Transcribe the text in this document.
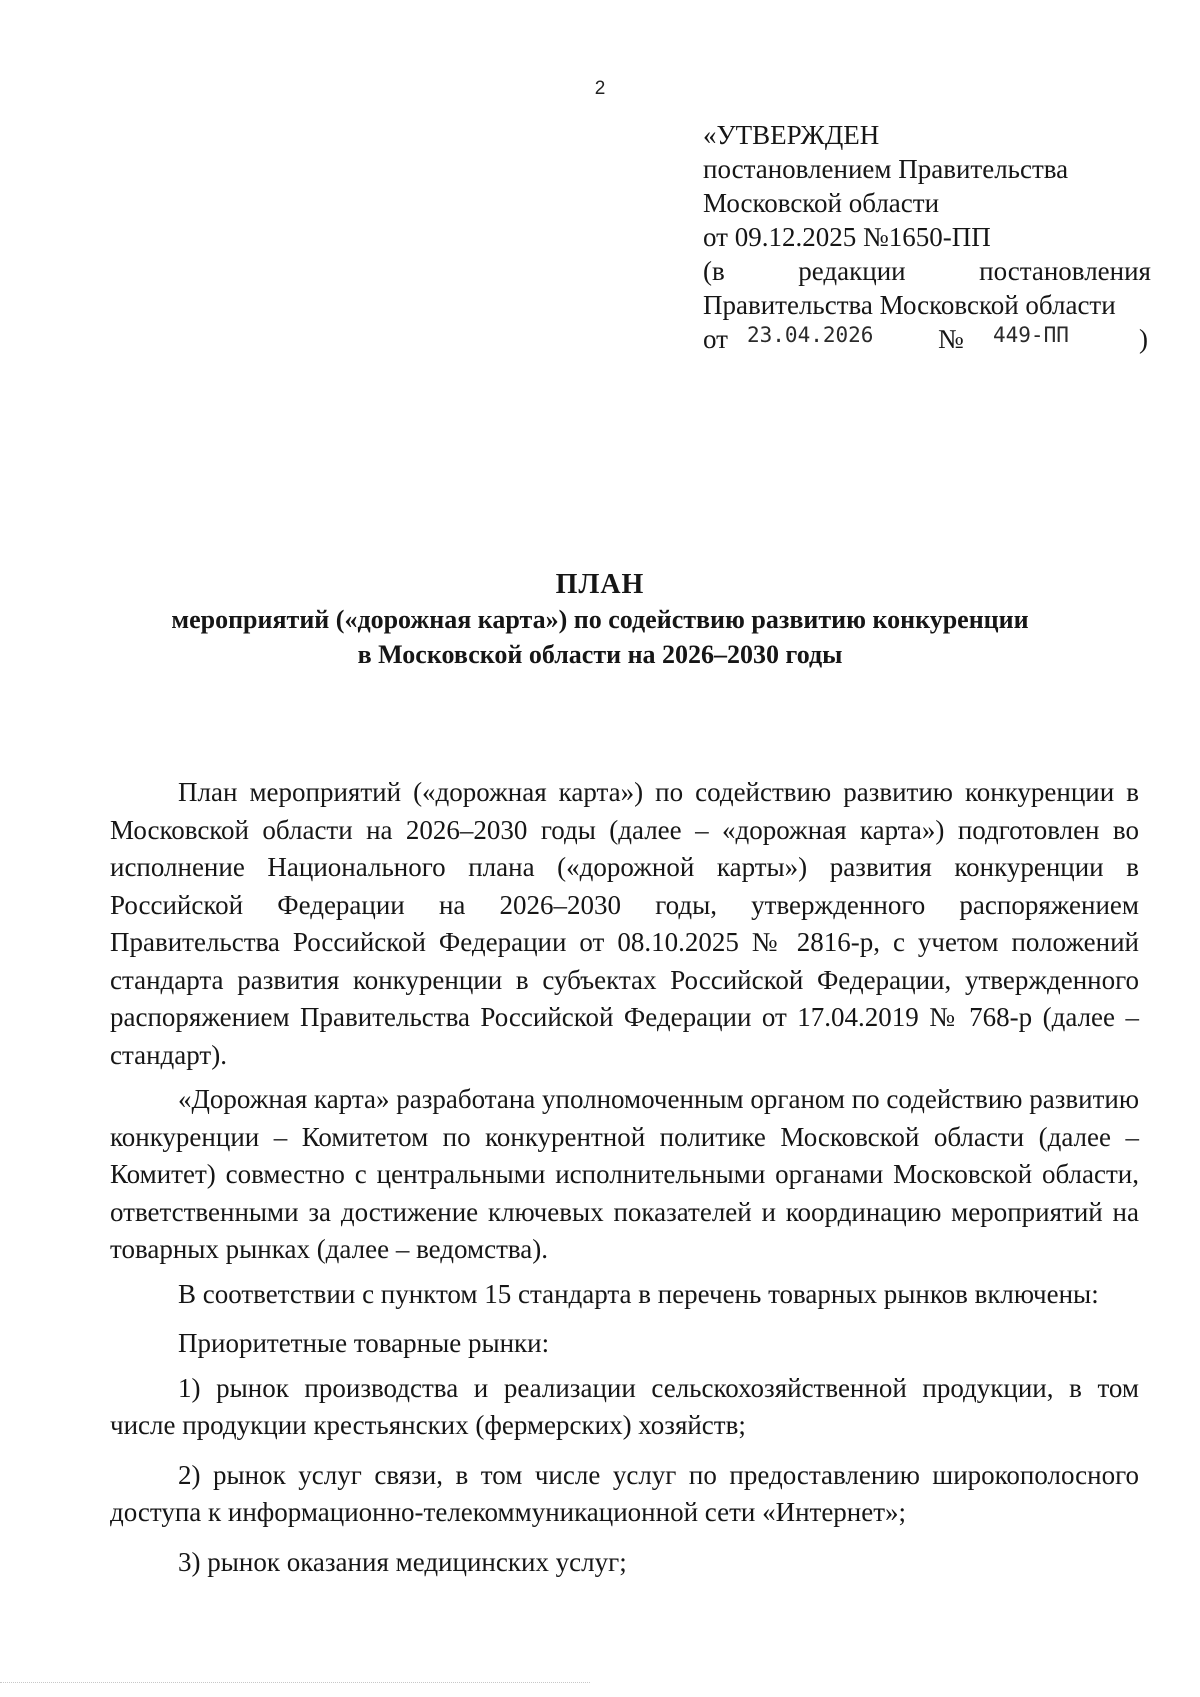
2
«УТВЕРЖДЕН
постановлением Правительства
Московской области
от 09.12.2025 №1650-ПП
(в	редакции	постановления
Правительства Московской области
от 23.04.2026 № 449-ПП	)
ПЛАН
мероприятий («дорожная карта») по содействию развитию конкуренции
в Московской области на 2026–2030 годы

План мероприятий («дорожная карта») по содействию развитию конкуренции в Московской области на 2026–2030 годы (далее – «дорожная карта») подготовлен во исполнение Национального плана («дорожной карты») развития конкуренции в Российской Федерации на 2026–2030 годы, утвержденного распоряжением Правительства Российской Федерации от 08.10.2025 № 2816-р, с учетом положений стандарта развития конкуренции в субъектах Российской Федерации, утвержденного распоряжением Правительства Российской Федерации от 17.04.2019 № 768-р (далее – стандарт).

«Дорожная карта» разработана уполномоченным органом по содействию развитию конкуренции – Комитетом по конкурентной политике Московской области (далее – Комитет) совместно с центральными исполнительными органами Московской области, ответственными за достижение ключевых показателей и координацию мероприятий на товарных рынках (далее – ведомства).

В соответствии с пунктом 15 стандарта в перечень товарных рынков включены:

Приоритетные товарные рынки:

1) рынок производства и реализации сельскохозяйственной продукции, в том числе продукции крестьянских (фермерских) хозяйств;

2) рынок услуг связи, в том числе услуг по предоставлению широкополосного доступа к информационно-телекоммуникационной сети «Интернет»;

3) рынок оказания медицинских услуг;
